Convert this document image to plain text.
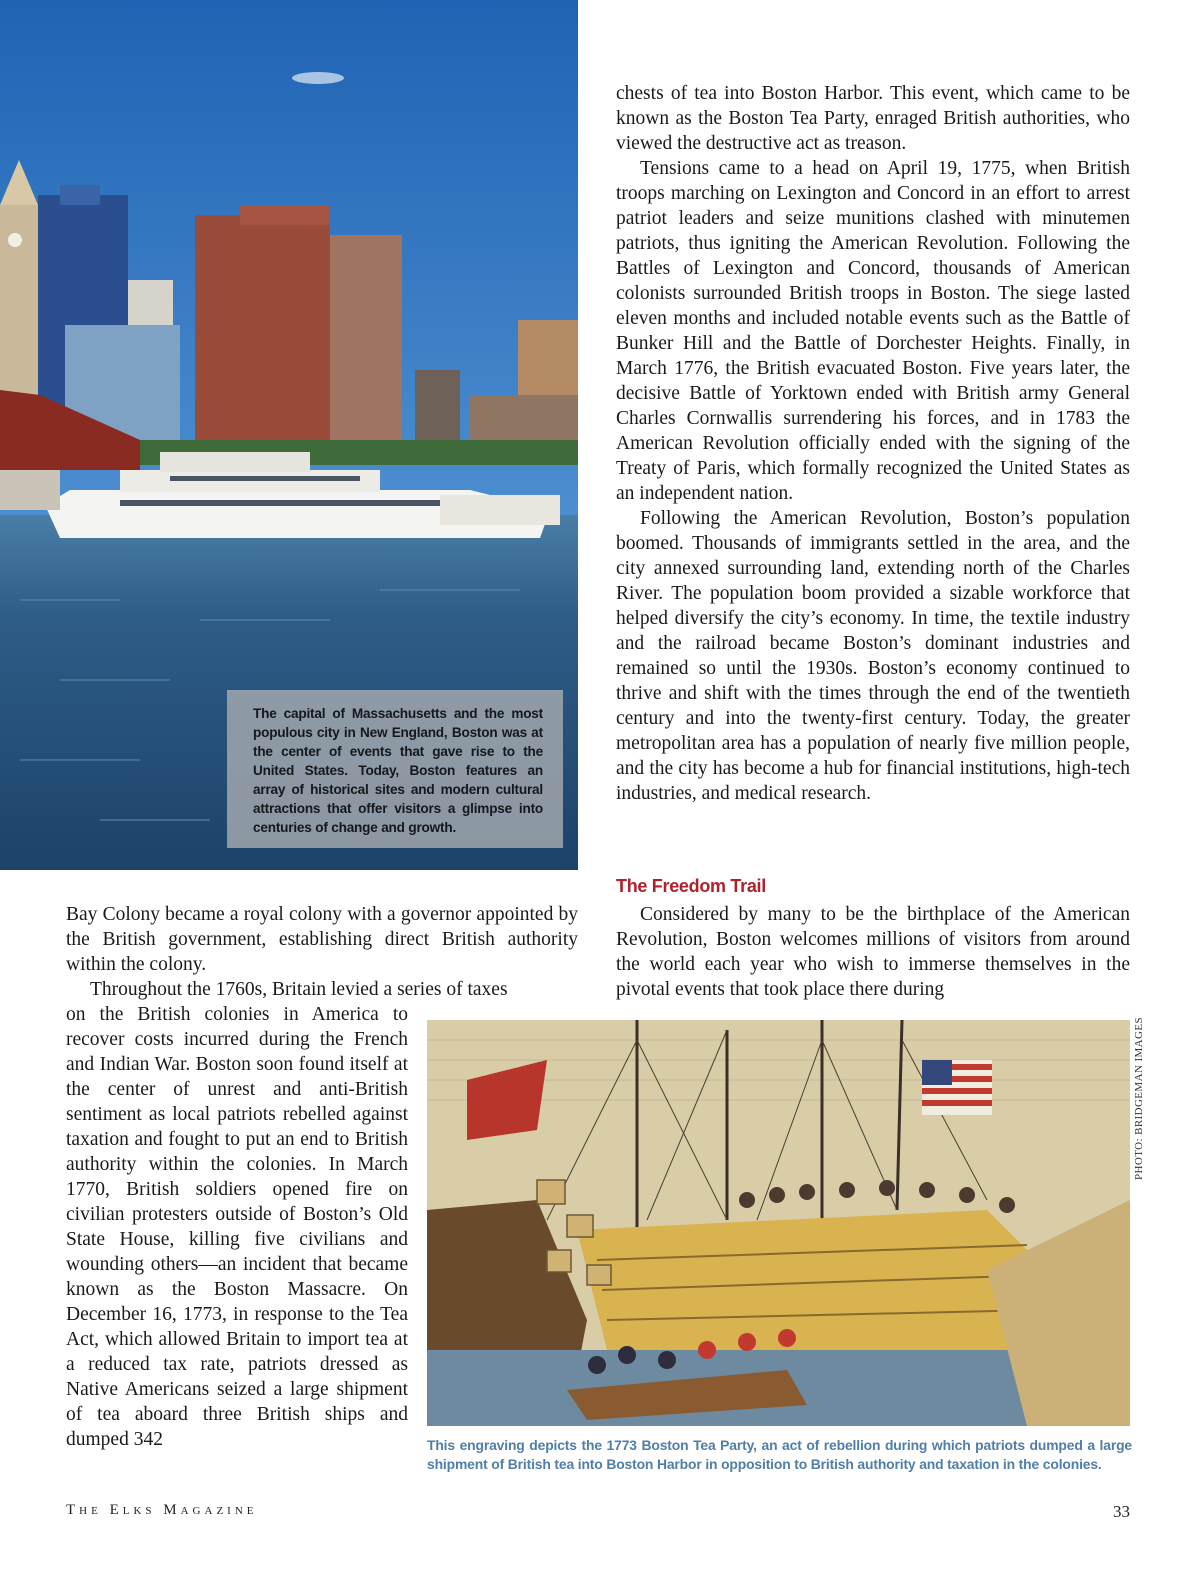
The capital of Massachusetts and the most populous city in New England, Boston was at the center of events that gave rise to the United States. Today, Boston features an array of historical sites and modern cultural attractions that offer visitors a glimpse into centuries of change and growth.

chests of tea into Boston Harbor. This event, which came to be known as the Boston Tea Party, enraged British authorities, who viewed the destructive act as treason.

Tensions came to a head on April 19, 1775, when British troops marching on Lexington and Concord in an effort to arrest patriot leaders and seize munitions clashed with minutemen patriots, thus igniting the American Revolution. Following the Battles of Lexington and Concord, thousands of American colonists surrounded British troops in Boston. The siege lasted eleven months and included notable events such as the Battle of Bunker Hill and the Battle of Dorchester Heights. Finally, in March 1776, the British evacuated Boston. Five years later, the decisive Battle of Yorktown ended with British army General Charles Cornwallis surrendering his forces, and in 1783 the American Revolution officially ended with the signing of the Treaty of Paris, which formally recognized the United States as an independent nation.

Following the American Revolution, Boston’s population boomed. Thousands of immigrants settled in the area, and the city annexed surrounding land, extending north of the Charles River. The population boom provided a sizable workforce that helped diversify the city’s economy. In time, the textile industry and the railroad became Boston’s dominant industries and remained so until the 1930s. Boston’s economy continued to thrive and shift with the times through the end of the twentieth century and into the twenty-first century. Today, the greater metropolitan area has a population of nearly five million people, and the city has become a hub for financial institutions, high-tech industries, and medical research.

The Freedom Trail

Considered by many to be the birthplace of the American Revolution, Boston welcomes millions of visitors from around the world each year who wish to immerse themselves in the pivotal events that took place there during

Bay Colony became a royal colony with a governor appointed by the British government, establishing direct British authority within the colony.

Throughout the 1760s, Britain levied a series of taxes

on the British colonies in America to recover costs incurred during the French and Indian War. Boston soon found itself at the center of unrest and anti-British sentiment as local patriots rebelled against taxation and fought to put an end to British authority within the colonies. In March 1770, British soldiers opened fire on civilian protesters outside of Boston’s Old State House, killing five civilians and wounding others—an incident that became known as the Boston Massacre. On December 16, 1773, in response to the Tea Act, which allowed Britain to import tea at a reduced tax rate, patriots dressed as Native Americans seized a large shipment of tea aboard three British ships and dumped 342

PHOTO: BRIDGEMAN IMAGES

This engraving depicts the 1773 Boston Tea Party, an act of rebellion during which patriots dumped a large shipment of British tea into Boston Harbor in opposition to British authority and taxation in the colonies.

The Elks Magazine	33
